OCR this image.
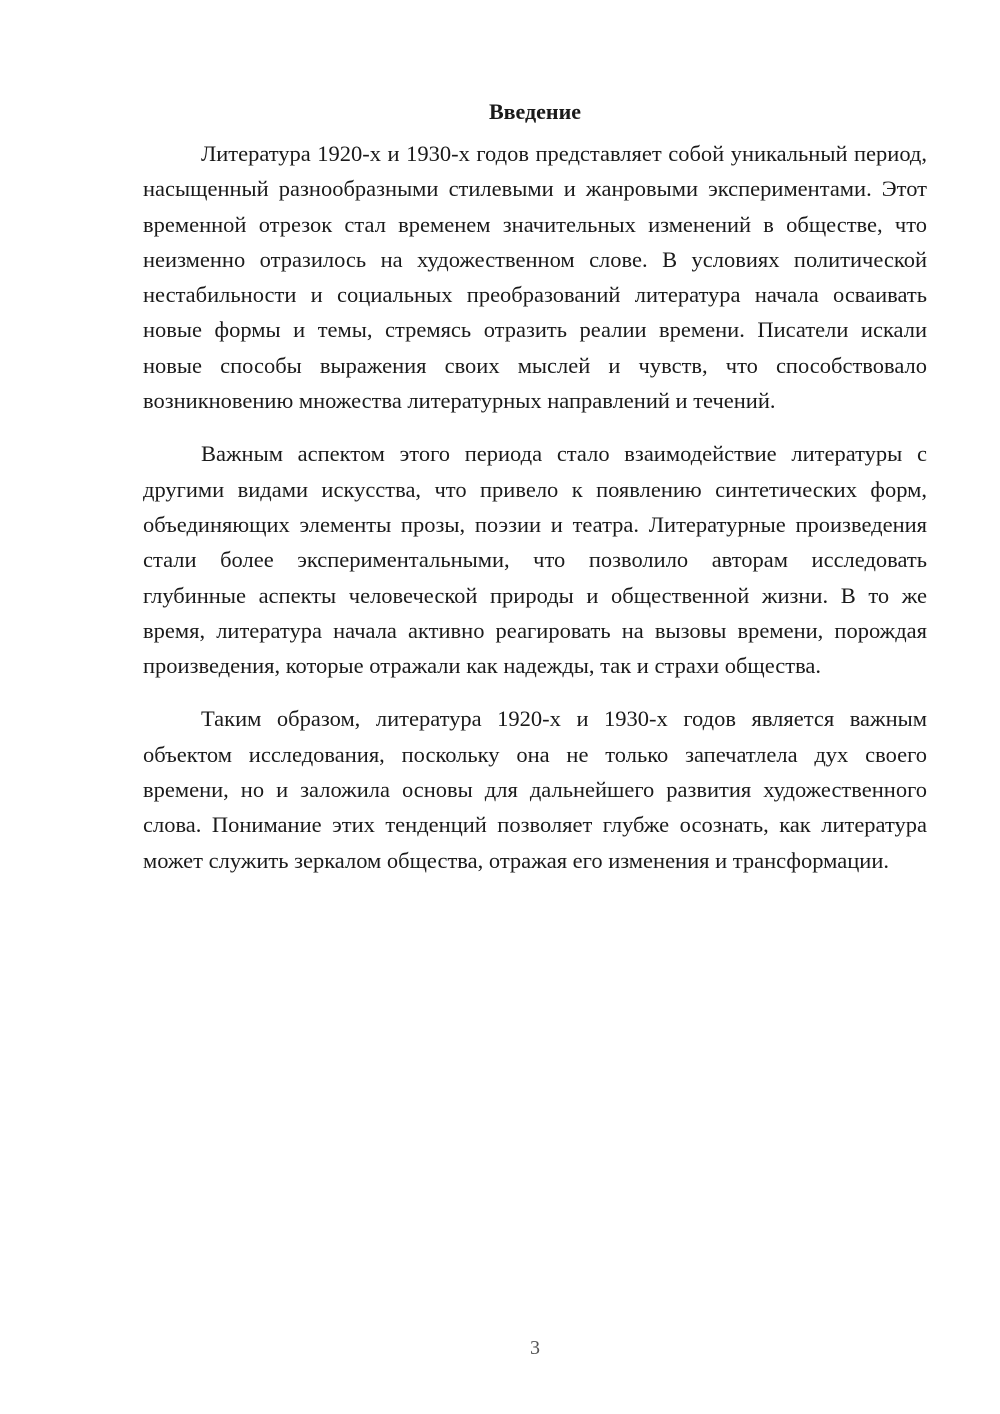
Введение

Литература 1920-х и 1930-х годов представляет собой уникальный период, насыщенный разнообразными стилевыми и жанровыми экспериментами. Этот временной отрезок стал временем значительных изменений в обществе, что неизменно отразилось на художественном слове. В условиях политической нестабильности и социальных преобразований литература начала осваивать новые формы и темы, стремясь отразить реалии времени. Писатели искали новые способы выражения своих мыслей и чувств, что способствовало возникновению множества литературных направлений и течений.

Важным аспектом этого периода стало взаимодействие литературы с другими видами искусства, что привело к появлению синтетических форм, объединяющих элементы прозы, поэзии и театра. Литературные произведения стали более экспериментальными, что позволило авторам исследовать глубинные аспекты человеческой природы и общественной жизни. В то же время, литература начала активно реагировать на вызовы времени, порождая произведения, которые отражали как надежды, так и страхи общества.

Таким образом, литература 1920-х и 1930-х годов является важным объектом исследования, поскольку она не только запечатлела дух своего времени, но и заложила основы для дальнейшего развития художественного слова. Понимание этих тенденций позволяет глубже осознать, как литература может служить зеркалом общества, отражая его изменения и трансформации.

3
